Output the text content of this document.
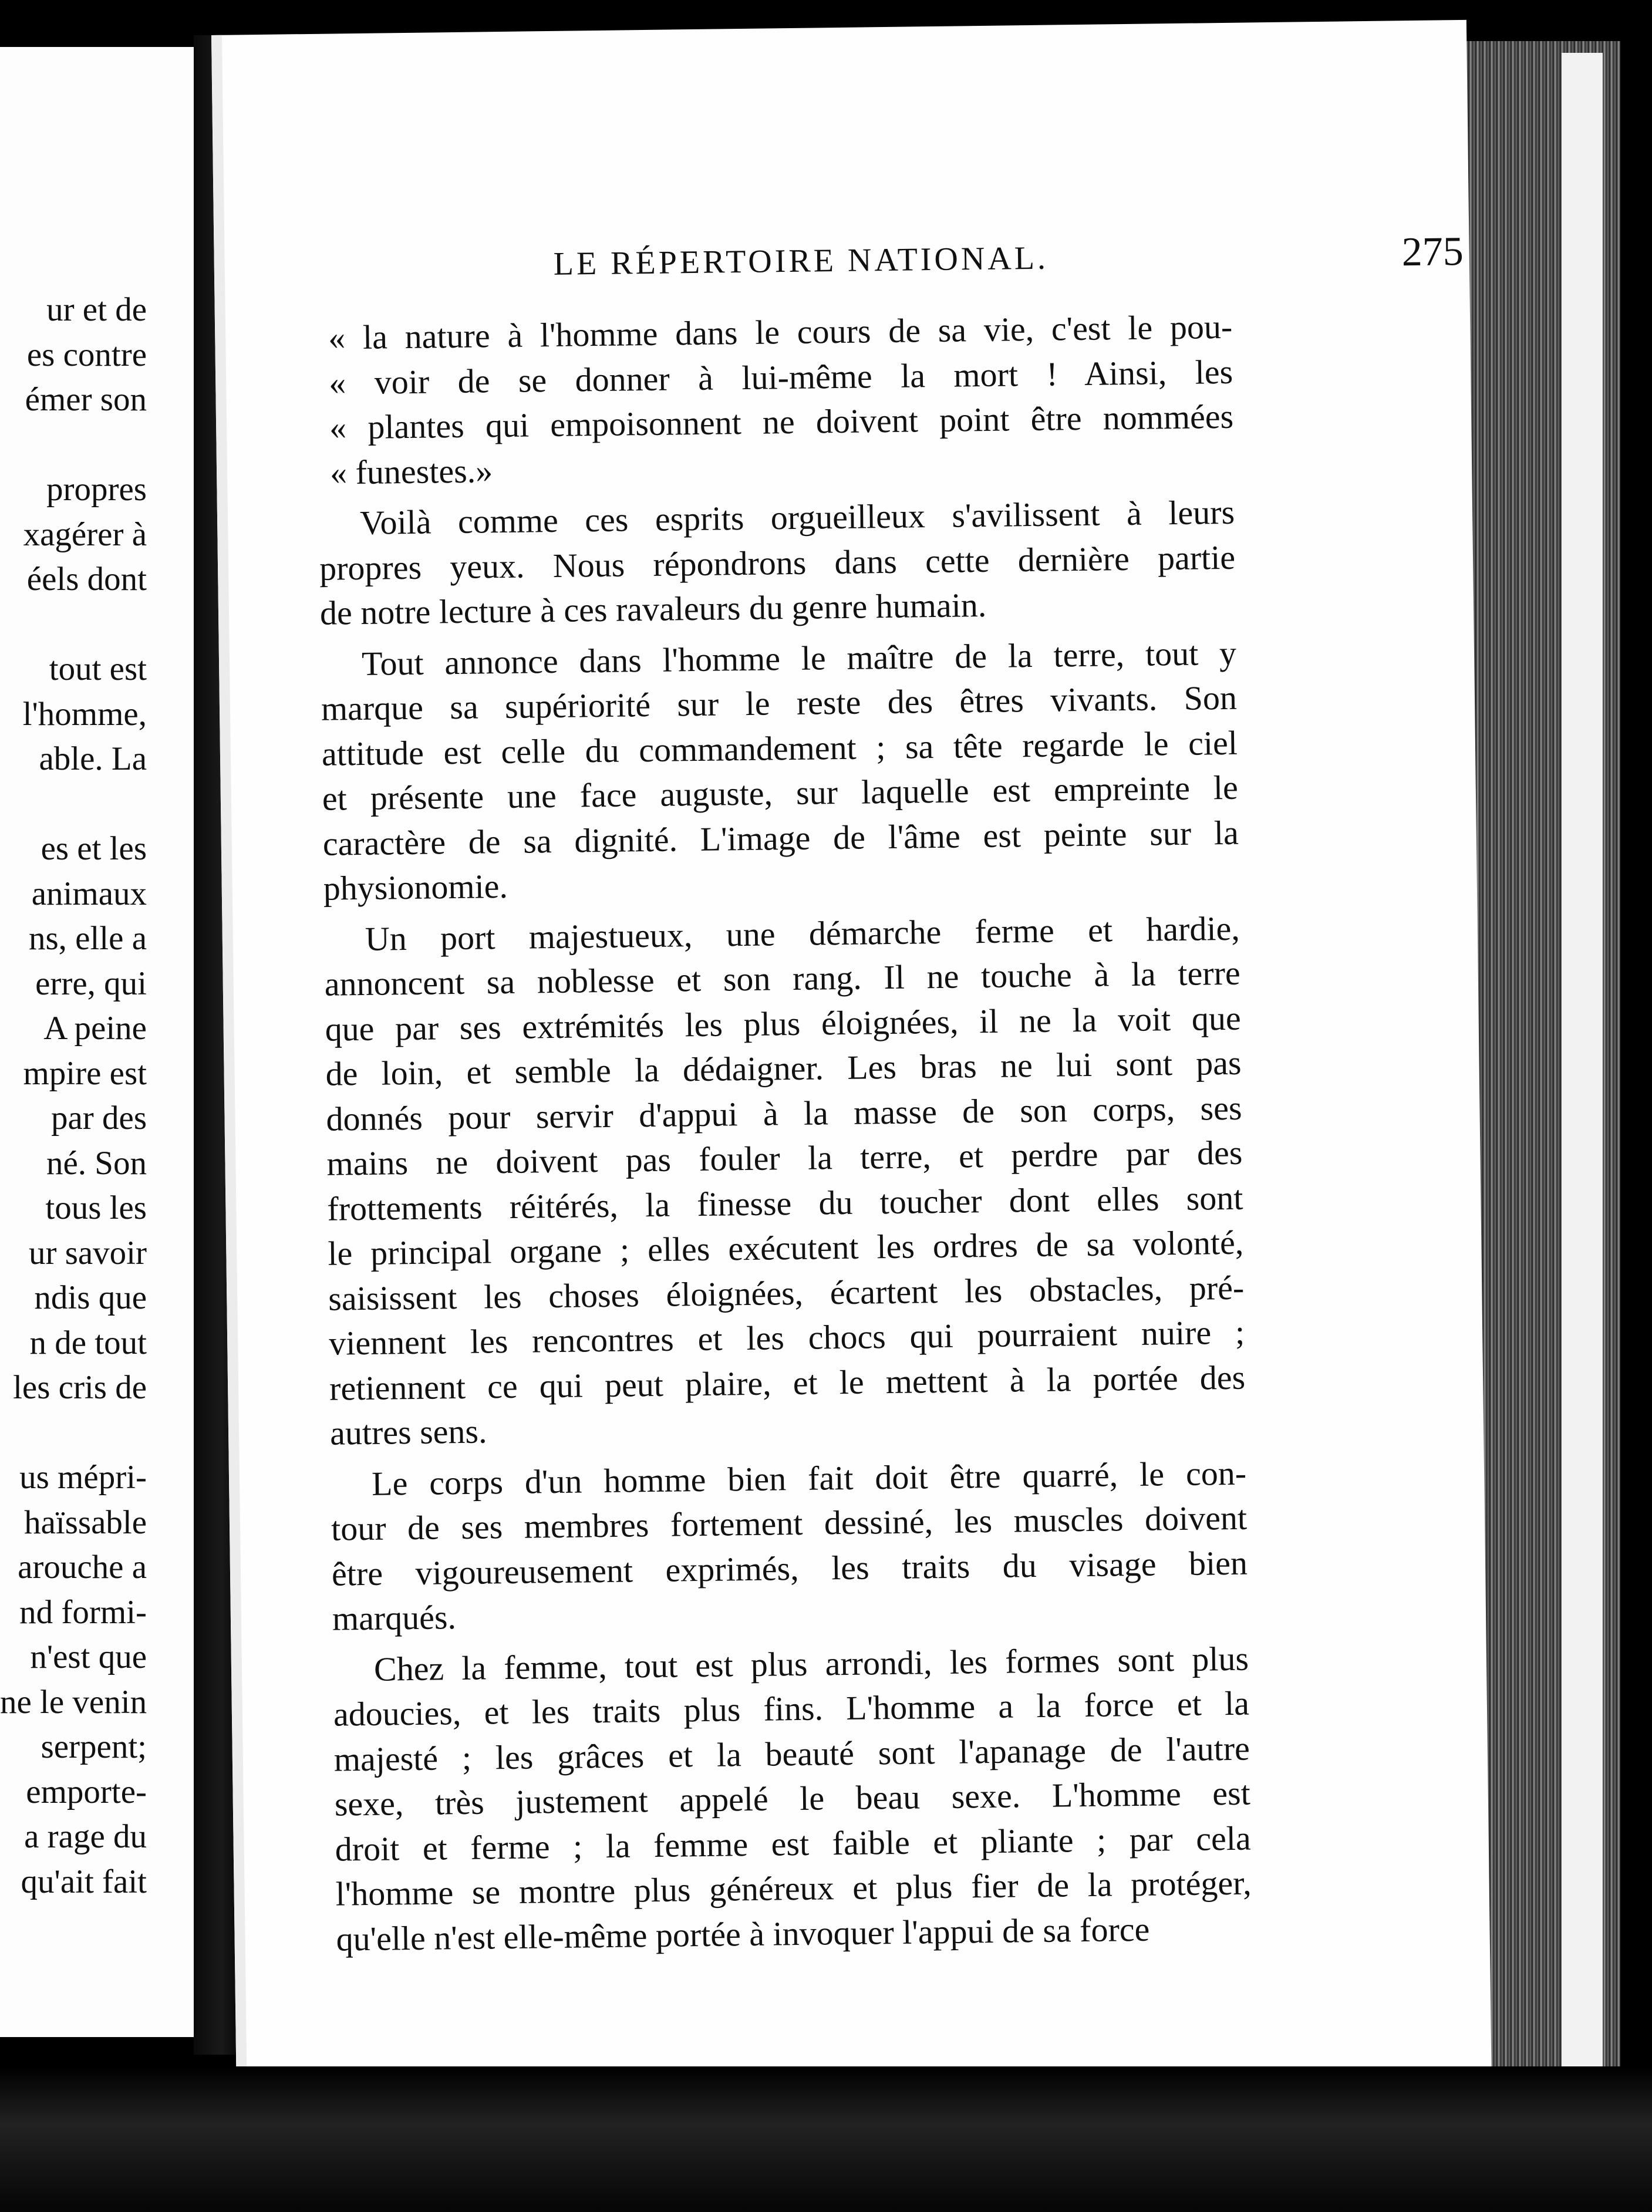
ur et de
es contre
émer son

propres
xagérer à
éels dont

tout est
l'homme,
able. La

es et les
animaux
ns, elle a
erre, qui
A peine
mpire est
par des
né. Son
tous les
ur savoir
ndis que
n de tout
les cris de

us mépri-
haïssable
arouche a
nd formi-
n'est que
ne le venin
serpent;
emporte-
a rage du
qu'ait fait
LE RÉPERTOIRE NATIONAL.	275
« la nature à l'homme dans le cours de sa vie, c'est le pou-
« voir de se donner à lui-même la mort ! Ainsi, les
« plantes qui empoisonnent ne doivent point être nommées
« funestes.»
Voilà comme ces esprits orgueilleux s'avilissent à leurs
propres yeux. Nous répondrons dans cette dernière partie
de notre lecture à ces ravaleurs du genre humain.
Tout annonce dans l'homme le maître de la terre, tout y
marque sa supériorité sur le reste des êtres vivants. Son
attitude est celle du commandement ; sa tête regarde le ciel
et présente une face auguste, sur laquelle est empreinte le
caractère de sa dignité. L'image de l'âme est peinte sur la
physionomie.
Un port majestueux, une démarche ferme et hardie,
annoncent sa noblesse et son rang. Il ne touche à la terre
que par ses extrémités les plus éloignées, il ne la voit que
de loin, et semble la dédaigner. Les bras ne lui sont pas
donnés pour servir d'appui à la masse de son corps, ses
mains ne doivent pas fouler la terre, et perdre par des
frottements réitérés, la finesse du toucher dont elles sont
le principal organe ; elles exécutent les ordres de sa volonté,
saisissent les choses éloignées, écartent les obstacles, pré-
viennent les rencontres et les chocs qui pourraient nuire ;
retiennent ce qui peut plaire, et le mettent à la portée des
autres sens.
Le corps d'un homme bien fait doit être quarré, le con-
tour de ses membres fortement dessiné, les muscles doivent
être vigoureusement exprimés, les traits du visage bien
marqués.
Chez la femme, tout est plus arrondi, les formes sont plus
adoucies, et les traits plus fins. L'homme a la force et la
majesté ; les grâces et la beauté sont l'apanage de l'autre
sexe, très justement appelé le beau sexe. L'homme est
droit et ferme ; la femme est faible et pliante ; par cela
l'homme se montre plus généreux et plus fier de la protéger,
qu'elle n'est elle-même portée à invoquer l'appui de sa force
